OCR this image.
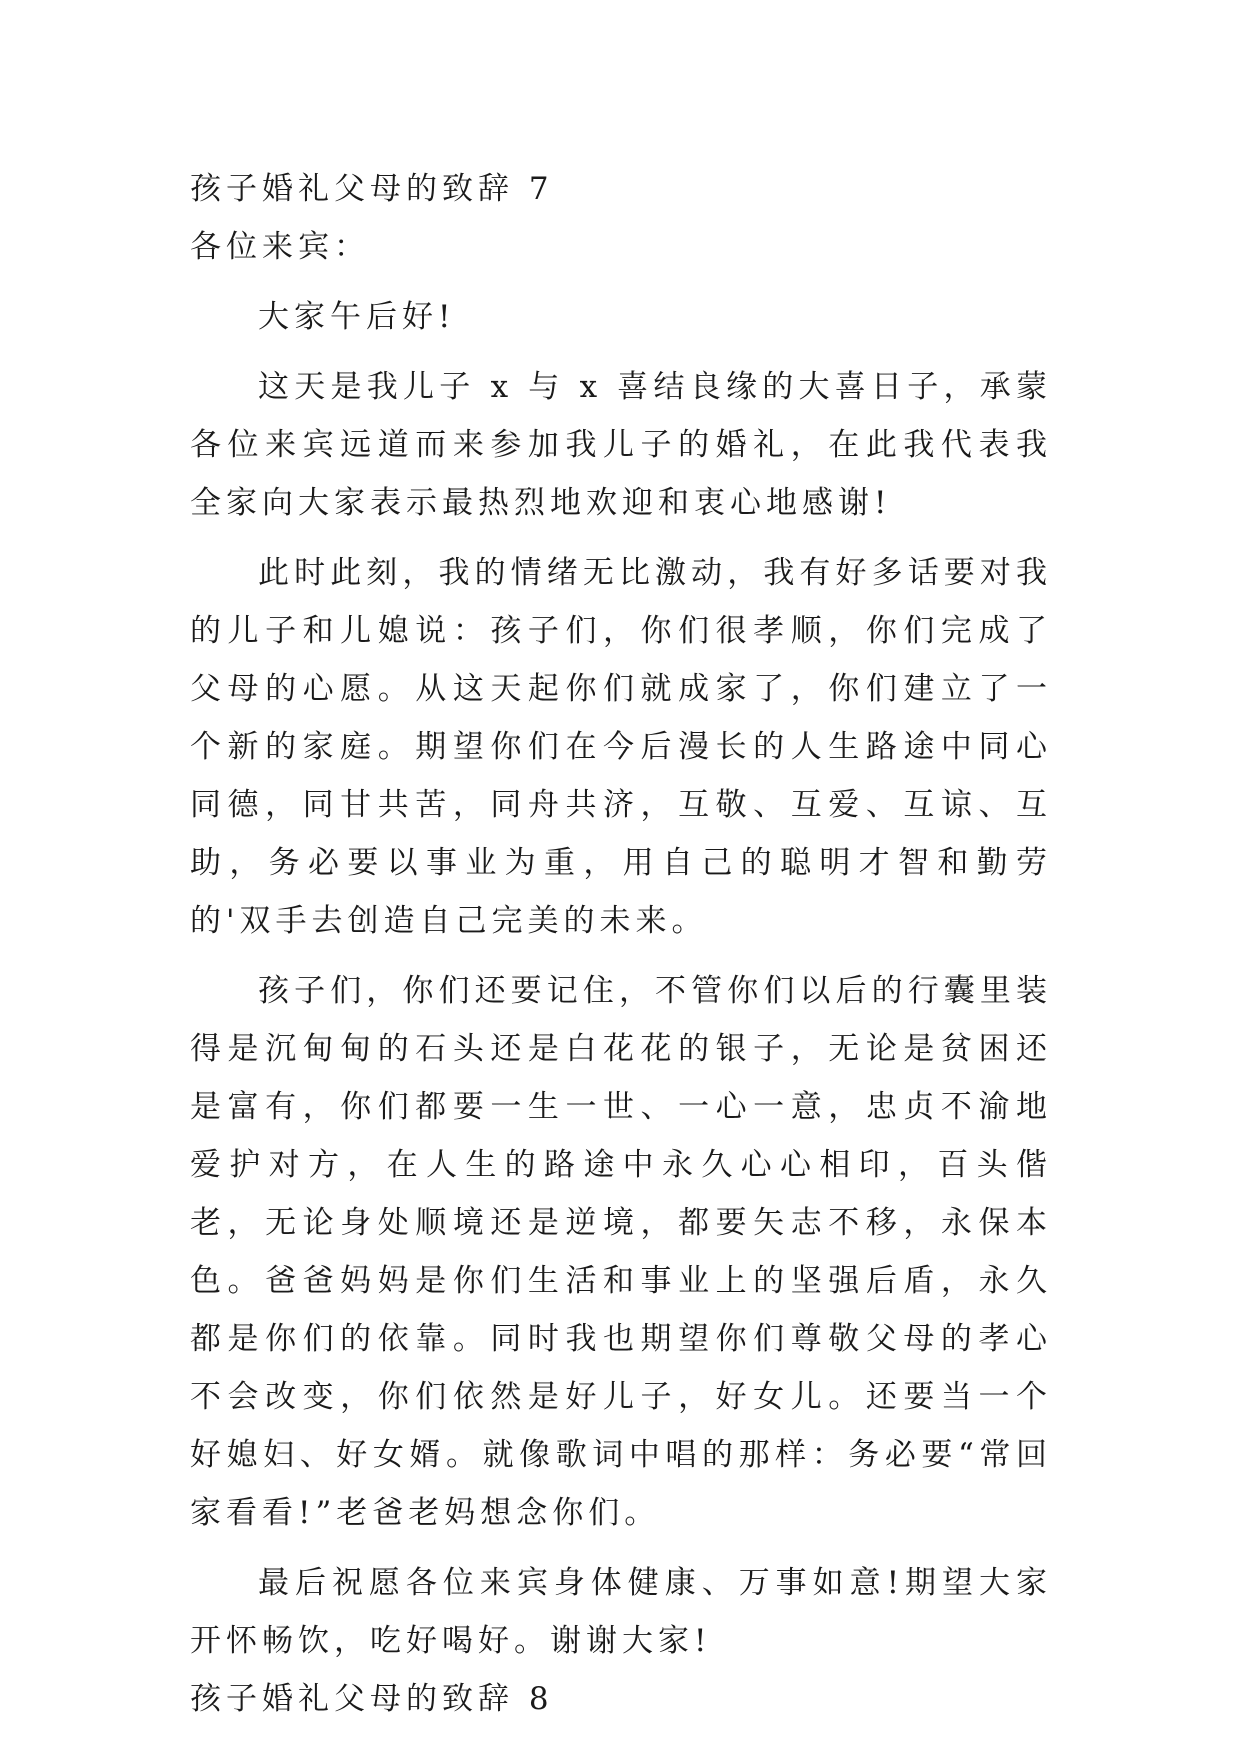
孩子婚礼父母的致辞 7

各位来宾：

大家午后好!

这天是我儿子 x 与 x 喜结良缘的大喜日子，承蒙各位来宾远道而来参加我儿子的婚礼，在此我代表我全家向大家表示最热烈地欢迎和衷心地感谢!

此时此刻，我的情绪无比激动，我有好多话要对我的儿子和儿媳说：孩子们，你们很孝顺，你们完成了父母的心愿。从这天起你们就成家了，你们建立了一个新的家庭。期望你们在今后漫长的人生路途中同心同德，同甘共苦，同舟共济，互敬、互爱、互谅、互助，务必要以事业为重，用自己的聪明才智和勤劳的'双手去创造自己完美的未来。

孩子们，你们还要记住，不管你们以后的行囊里装得是沉甸甸的石头还是白花花的银子，无论是贫困还是富有，你们都要一生一世、一心一意，忠贞不渝地爱护对方，在人生的路途中永久心心相印，百头偕老，无论身处顺境还是逆境，都要矢志不移，永保本色。爸爸妈妈是你们生活和事业上的坚强后盾，永久都是你们的依靠。同时我也期望你们尊敬父母的孝心不会改变，你们依然是好儿子，好女儿。还要当一个好媳妇、好女婿。就像歌词中唱的那样：务必要“常回家看看!”老爸老妈想念你们。

最后祝愿各位来宾身体健康、万事如意!期望大家开怀畅饮，吃好喝好。谢谢大家!

孩子婚礼父母的致辞 8
